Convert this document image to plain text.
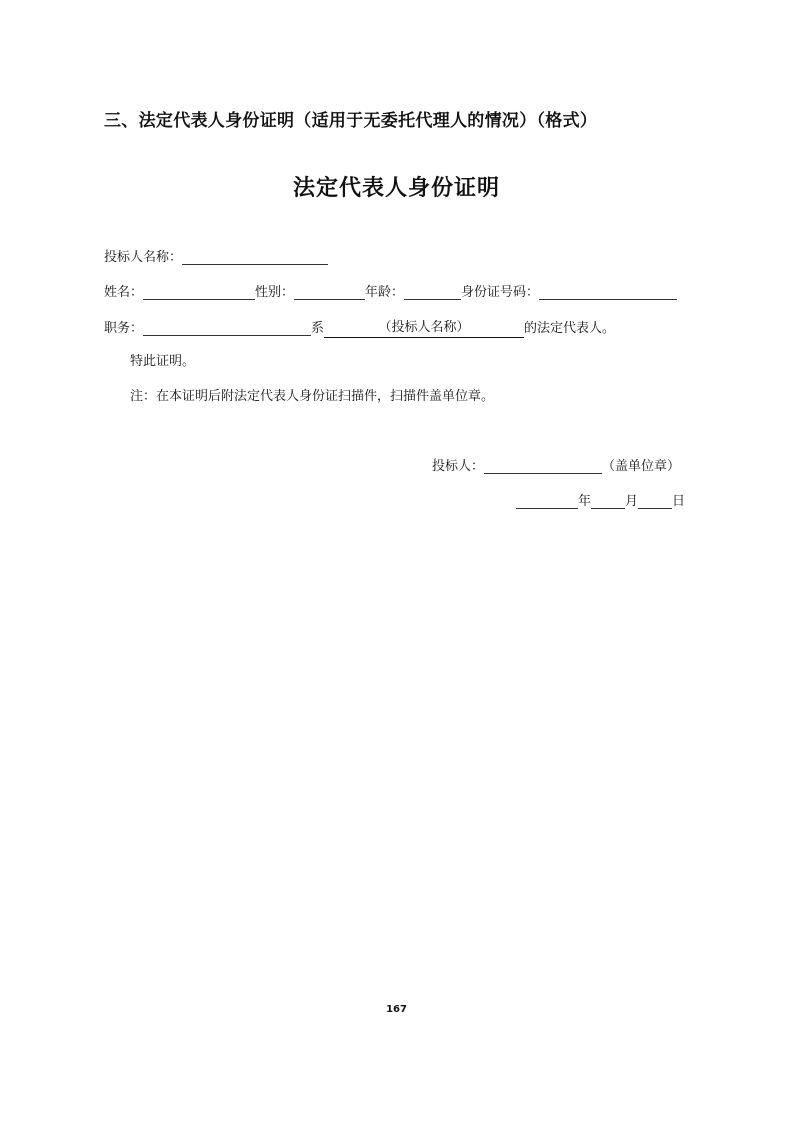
三、法定代表人身份证明（适用于无委托代理人的情况）（格式）
法定代表人身份证明
投标人名称：
姓名：	性别：	年龄：	身份证号码：
职务：	系	（投标人名称）	的法定代表人。
特此证明。
注：在本证明后附法定代表人身份证扫描件，扫描件盖单位章。
投标人：	（盖单位章）
年	月	日
167
